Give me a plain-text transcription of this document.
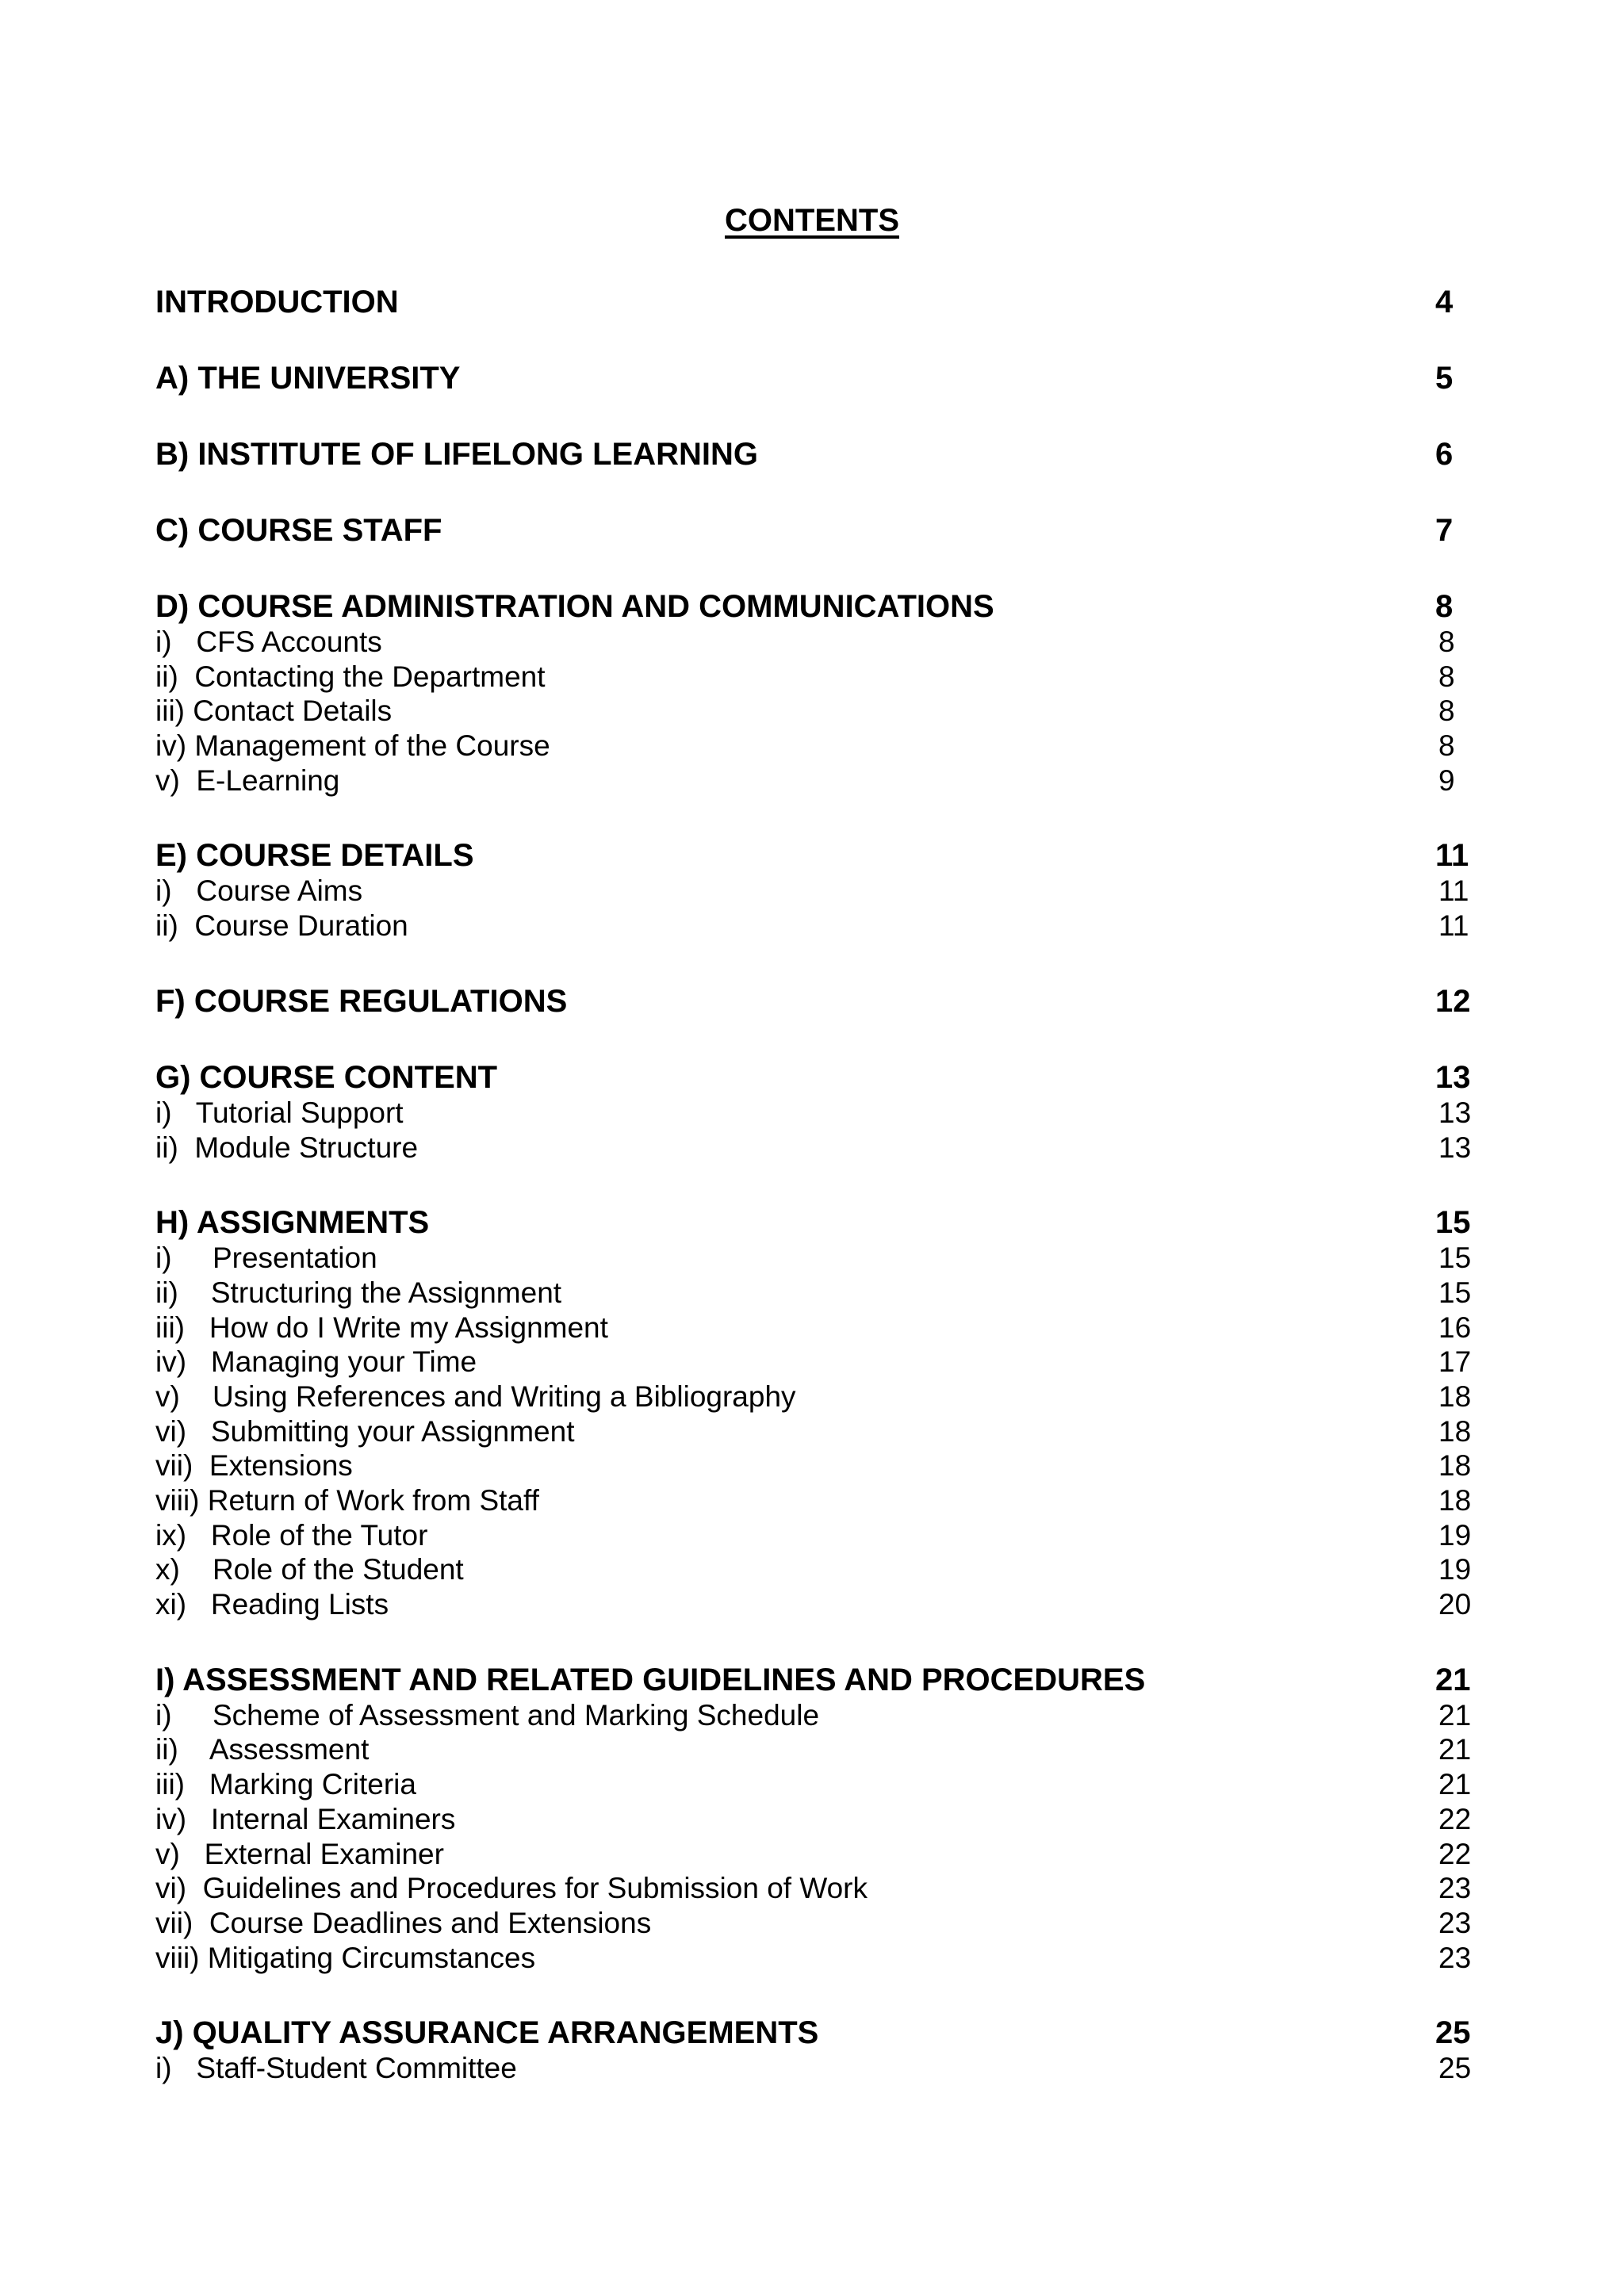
CONTENTS
INTRODUCTION	4
A) THE UNIVERSITY	5
B) INSTITUTE OF LIFELONG LEARNING	6
C) COURSE STAFF	7
D) COURSE ADMINISTRATION AND COMMUNICATIONS	8
i)   CFS Accounts	8
ii)  Contacting the Department	8
iii) Contact Details	8
iv) Management of the Course	8
v)  E-Learning	9
E) COURSE DETAILS	11
i)   Course Aims	11
ii)  Course Duration	11
F) COURSE REGULATIONS	12
G) COURSE CONTENT	13
i)   Tutorial Support	13
ii)  Module Structure	13
H) ASSIGNMENTS	15
i)     Presentation	15
ii)    Structuring the Assignment	15
iii)   How do I Write my Assignment	16
iv)   Managing your Time	17
v)    Using References and Writing a Bibliography	18
vi)   Submitting your Assignment	18
vii)  Extensions	18
viii) Return of Work from Staff	18
ix)   Role of the Tutor	19
x)    Role of the Student	19
xi)   Reading Lists	20
I) ASSESSMENT AND RELATED GUIDELINES AND PROCEDURES	21
i)     Scheme of Assessment and Marking Schedule	21
ii)    Assessment	21
iii)   Marking Criteria	21
iv)   Internal Examiners	22
v)   External Examiner	22
vi)  Guidelines and Procedures for Submission of Work	23
vii)  Course Deadlines and Extensions	23
viii) Mitigating Circumstances	23
J) QUALITY ASSURANCE ARRANGEMENTS	25
i)   Staff-Student Committee	25
